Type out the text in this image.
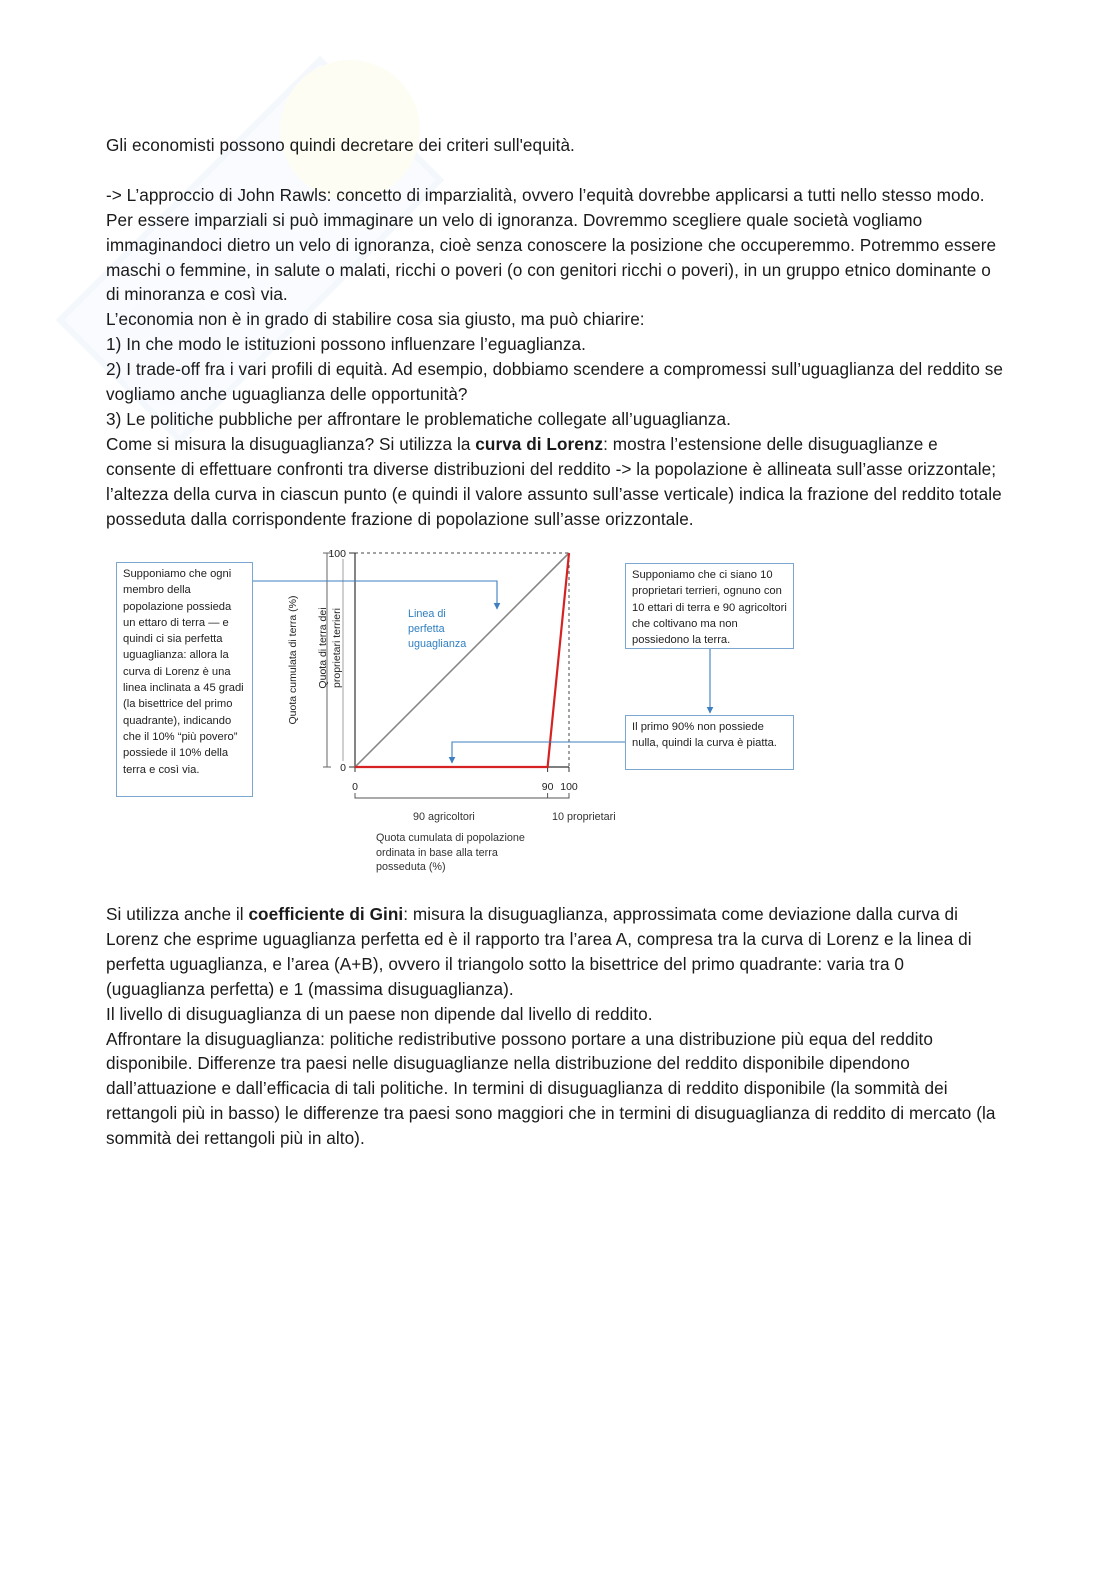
Gli economisti possono quindi decretare dei criteri sull'equità.

-> L’approccio di John Rawls: concetto di imparzialità, ovvero l’equità dovrebbe applicarsi a tutti nello stesso modo. Per essere imparziali si può immaginare un velo di ignoranza. Dovremmo scegliere quale società vogliamo immaginandoci dietro un velo di ignoranza, cioè senza conoscere la posizione che occuperemmo. Potremmo essere maschi o femmine, in salute o malati, ricchi o poveri (o con genitori ricchi o poveri), in un gruppo etnico dominante o di minoranza e così via.

L’economia non è in grado di stabilire cosa sia giusto, ma può chiarire:

1) In che modo le istituzioni possono influenzare l’eguaglianza.

2) I trade-off fra i vari profili di equità. Ad esempio, dobbiamo scendere a compromessi sull’uguaglianza del reddito se vogliamo anche uguaglianza delle opportunità?

3) Le politiche pubbliche per affrontare le problematiche collegate all’uguaglianza.

Come si misura la disuguaglianza? Si utilizza la curva di Lorenz: mostra l’estensione delle disuguaglianze e consente di effettuare confronti tra diverse distribuzioni del reddito -> la popolazione è allineata sull’asse orizzontale; l’altezza della curva in ciascun punto (e quindi il valore assunto sull’asse verticale) indica la frazione del reddito totale posseduta dalla corrispondente frazione di popolazione sull’asse orizzontale.

0
100
0	90 100
Quota cumulata di terra (%) Quota di terra dei proprietari terrieri
Supponiamo che ogni membro della popolazione possieda un ettaro di terra — e quindi ci sia perfetta uguaglianza: allora la curva di Lorenz è una linea inclinata a 45 gradi (la bisettrice del primo quadrante), indicando che il 10% “più povero” possiede il 10% della terra e così via.
Supponiamo che ci siano 10 proprietari terrieri, ognuno con 10 ettari di terra e 90 agricoltori che coltivano ma non possiedono la terra.
Il primo 90% non possiede nulla, quindi la curva è piatta.
Linea di perfetta uguaglianza
Quota cumulata di popolazione ordinata in base alla terra posseduta (%)
90 agricoltori	10 proprietari

Si utilizza anche il coefficiente di Gini: misura la disuguaglianza, approssimata come deviazione dalla curva di Lorenz che esprime uguaglianza perfetta ed è il rapporto tra l’area A, compresa tra la curva di Lorenz e la linea di perfetta uguaglianza, e l’area (A+B), ovvero il triangolo sotto la bisettrice del primo quadrante: varia tra 0 (uguaglianza perfetta) e 1 (massima disuguaglianza).

Il livello di disuguaglianza di un paese non dipende dal livello di reddito.

Affrontare la disuguaglianza: politiche redistributive possono portare a una distribuzione più equa del reddito disponibile. Differenze tra paesi nelle disuguaglianze nella distribuzione del reddito disponibile dipendono dall’attuazione e dall’efficacia di tali politiche. In termini di disuguaglianza di reddito disponibile (la sommità dei rettangoli più in basso) le differenze tra paesi sono maggiori che in termini di disuguaglianza di reddito di mercato (la sommità dei rettangoli più in alto).
